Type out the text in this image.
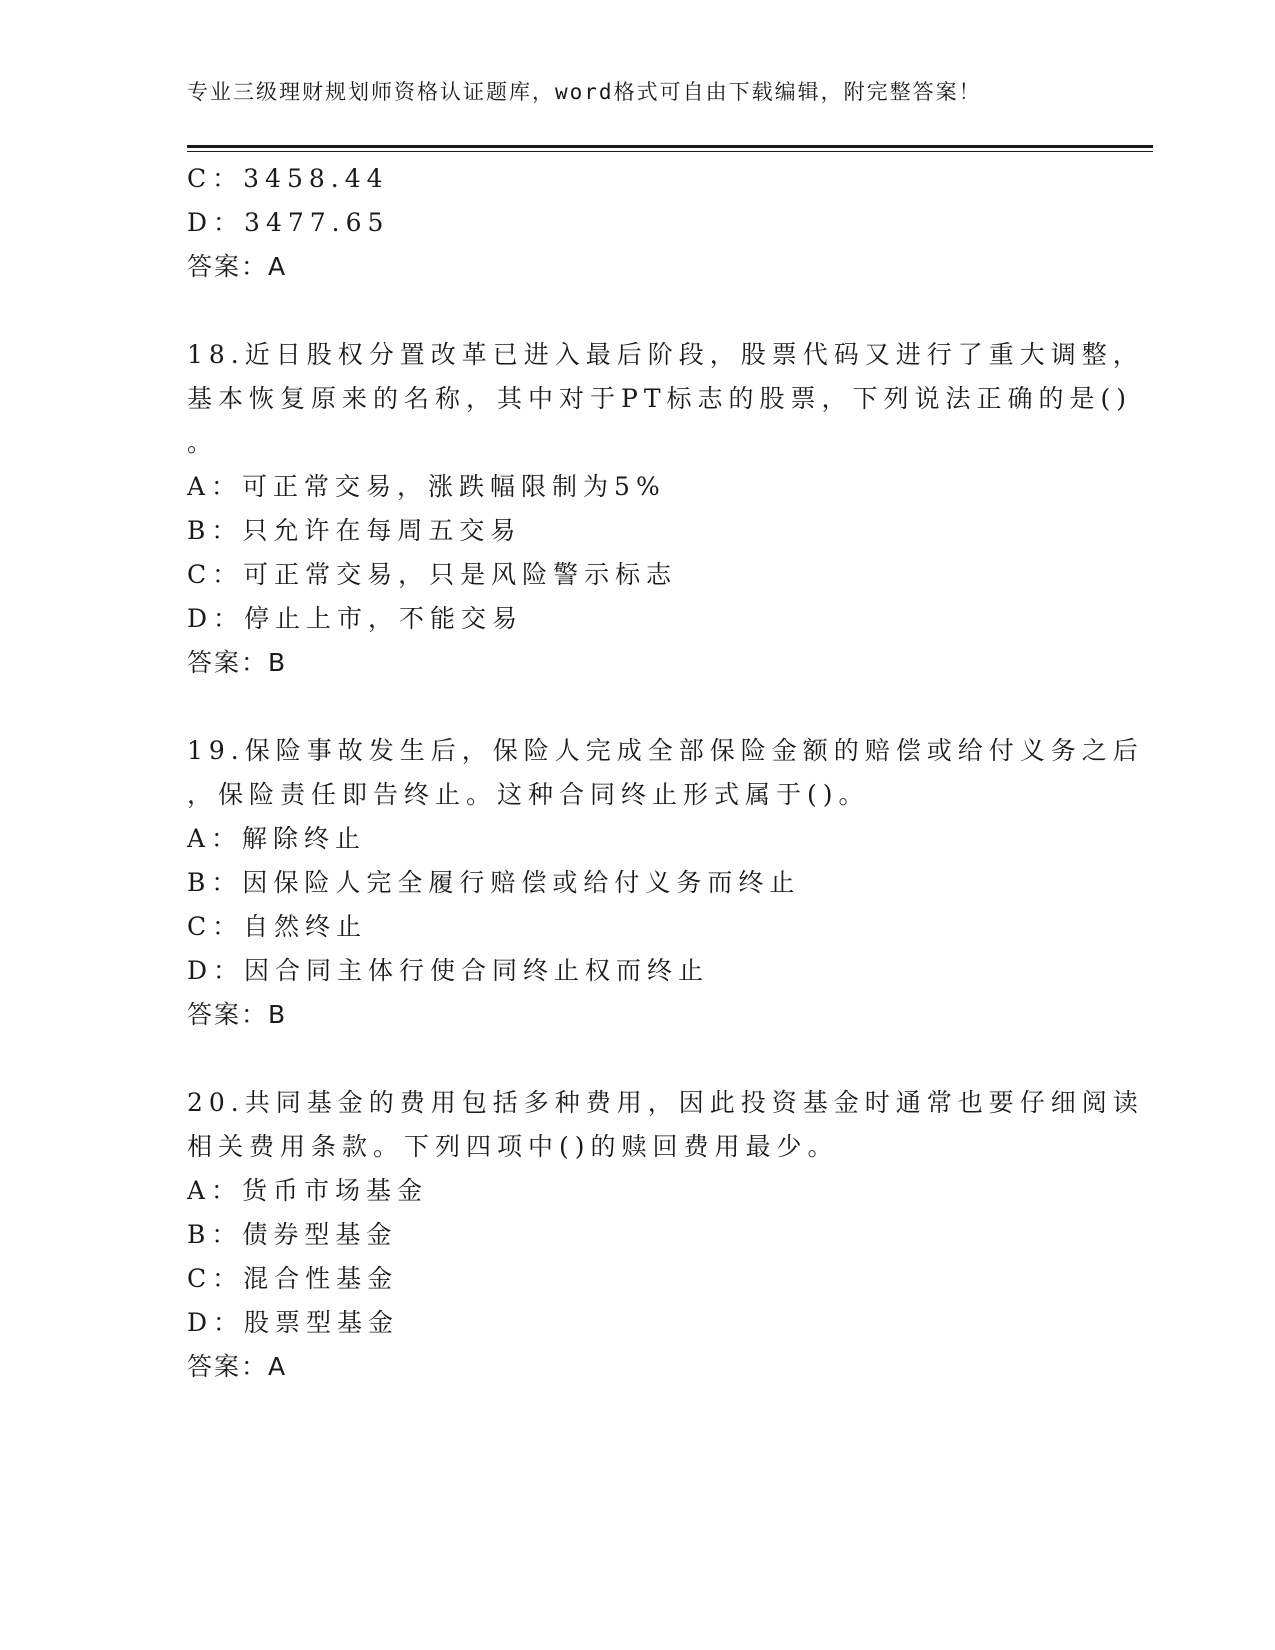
专业三级理财规划师资格认证题库，word格式可自由下载编辑，附完整答案！
C：3458.44
D：3477.65
答案：A
18.近日股权分置改革已进入最后阶段，股票代码又进行了重大调整，
基本恢复原来的名称，其中对于PT标志的股票，下列说法正确的是()
。
A：可正常交易，涨跌幅限制为5%
B：只允许在每周五交易
C：可正常交易，只是风险警示标志
D：停止上市，不能交易
答案：B
19.保险事故发生后，保险人完成全部保险金额的赔偿或给付义务之后
，保险责任即告终止。这种合同终止形式属于()。
A：解除终止
B：因保险人完全履行赔偿或给付义务而终止
C：自然终止
D：因合同主体行使合同终止权而终止
答案：B
20.共同基金的费用包括多种费用，因此投资基金时通常也要仔细阅读
相关费用条款。下列四项中()的赎回费用最少。
A：货币市场基金
B：债券型基金
C：混合性基金
D：股票型基金
答案：A
